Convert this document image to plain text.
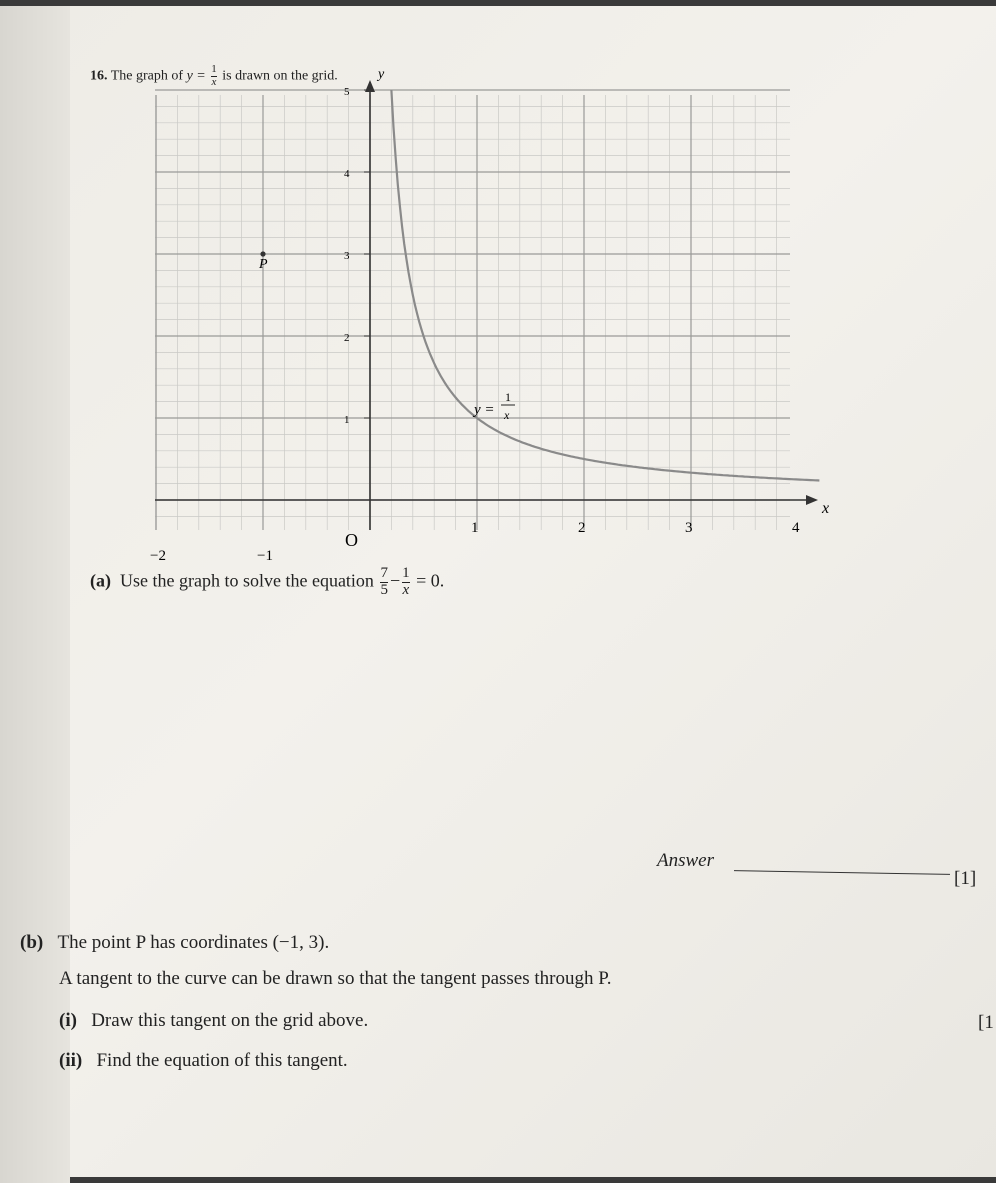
16. The graph of $y = \frac{1}{x}$ is drawn on the grid.
−2	−1
1	2	3	4
1
2
3
4
5
y
x
O
P
y =
1
x
(a) Use the graph to solve the equation $\frac{7}{5} - \frac{1}{x} = 0$.
Answer
[1]
(b) The point P has coordinates (−1, 3).
A tangent to the curve can be drawn so that the tangent passes through P.
(i) Draw this tangent on the grid above.	[1
(ii) Find the equation of this tangent.
